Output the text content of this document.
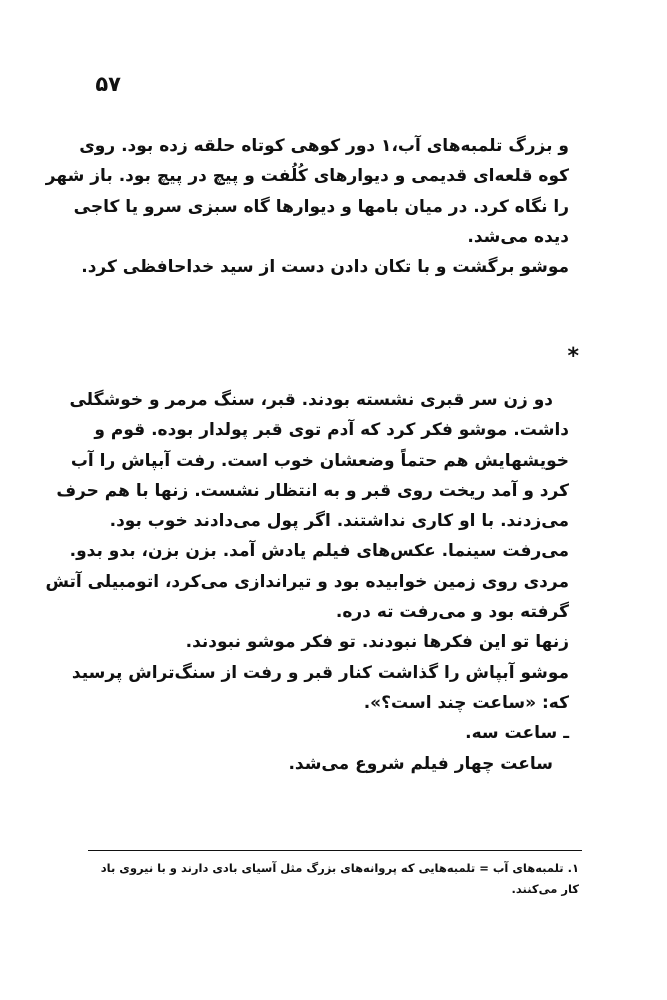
۵۷
و بزرگ تلمبه‌های آب،۱ دور کوهی کوتاه حلقه زده بود. روی
کوه قلعه‌ای قدیمی و دیوارهای کُلُفت و پیچ در پیچ بود. باز شهر
را نگاه کرد. در میان بامها و دیوارها گاه سبزی سرو یا کاجی
دیده می‌شد.
موشو برگشت و با تکان دادن دست از سید خداحافظی کرد.
*
دو زن سر قبری نشسته بودند. قبر، سنگ مرمر و خوشگلی
داشت. موشو فکر کرد که آدم توی قبر پولدار بوده. قوم و
خویشهایش هم حتماً وضعشان خوب است. رفت آبپاش را آب
کرد و آمد ریخت روی قبر و به انتظار نشست. زنها با هم حرف
می‌زدند. با او کاری نداشتند. اگر پول می‌دادند خوب بود.
می‌رفت سینما. عکس‌های فیلم یادش آمد. بزن بزن، بدو بدو.
مردی روی زمین خوابیده بود و تیراندازی می‌کرد، اتومبیلی آتش
گرفته بود و می‌رفت ته دره.
زنها تو این فکرها نبودند. تو فکر موشو نبودند.
موشو آبپاش را گذاشت کنار قبر و رفت از سنگ‌تراش پرسید
که: «ساعت چند است؟».
ـ ساعت سه.
ساعت چهار فیلم شروع می‌شد.
۱. تلمبه‌های آب = تلمبه‌هایی که پروانه‌های بزرگ مثل آسیای بادی دارند و با نیروی باد
کار می‌کنند.
